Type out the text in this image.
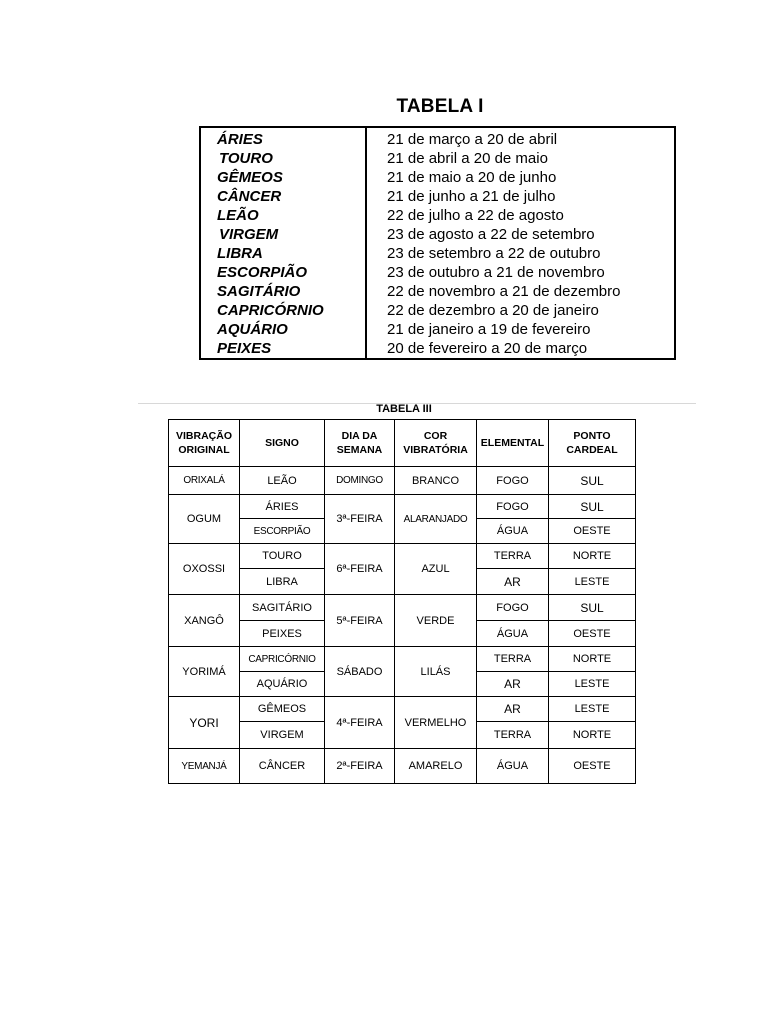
TABELA I
ÁRIES	21 de março a 20 de abril
TOURO	21 de abril a 20 de maio
GÊMEOS	21 de maio a 20 de junho
CÂNCER	21 de junho a 21 de julho
LEÃO	22 de julho a 22 de agosto
VIRGEM	23 de agosto a 22 de setembro
LIBRA	23 de setembro a 22 de outubro
ESCORPIÃO	23 de outubro a 21 de novembro
SAGITÁRIO	22 de novembro a 21 de dezembro
CAPRICÓRNIO	22 de dezembro a 20 de janeiro
AQUÁRIO	21 de janeiro a 19 de fevereiro
PEIXES	20 de fevereiro a 20 de março
TABELA III
VIBRAÇÃO ORIGINAL	SIGNO	DIA DA SEMANA	COR VIBRATÓRIA	ELEMENTAL	PONTO CARDEAL
ORIXALÁ	LEÃO	DOMINGO	BRANCO	FOGO	SUL
OGUM	ÁRIES	3ª-FEIRA	ALARANJADO	FOGO	SUL
	ESCORPIÃO			ÁGUA	OESTE
OXOSSI	TOURO	6ª-FEIRA	AZUL	TERRA	NORTE
	LIBRA			AR	LESTE
XANGÔ	SAGITÁRIO	5ª-FEIRA	VERDE	FOGO	SUL
	PEIXES			ÁGUA	OESTE
YORIMÁ	CAPRICÓRNIO	SÁBADO	LILÁS	TERRA	NORTE
	AQUÁRIO			AR	LESTE
YORI	GÊMEOS	4ª-FEIRA	VERMELHO	AR	LESTE
	VIRGEM			TERRA	NORTE
YEMANJÁ	CÂNCER	2ª-FEIRA	AMARELO	ÁGUA	OESTE
